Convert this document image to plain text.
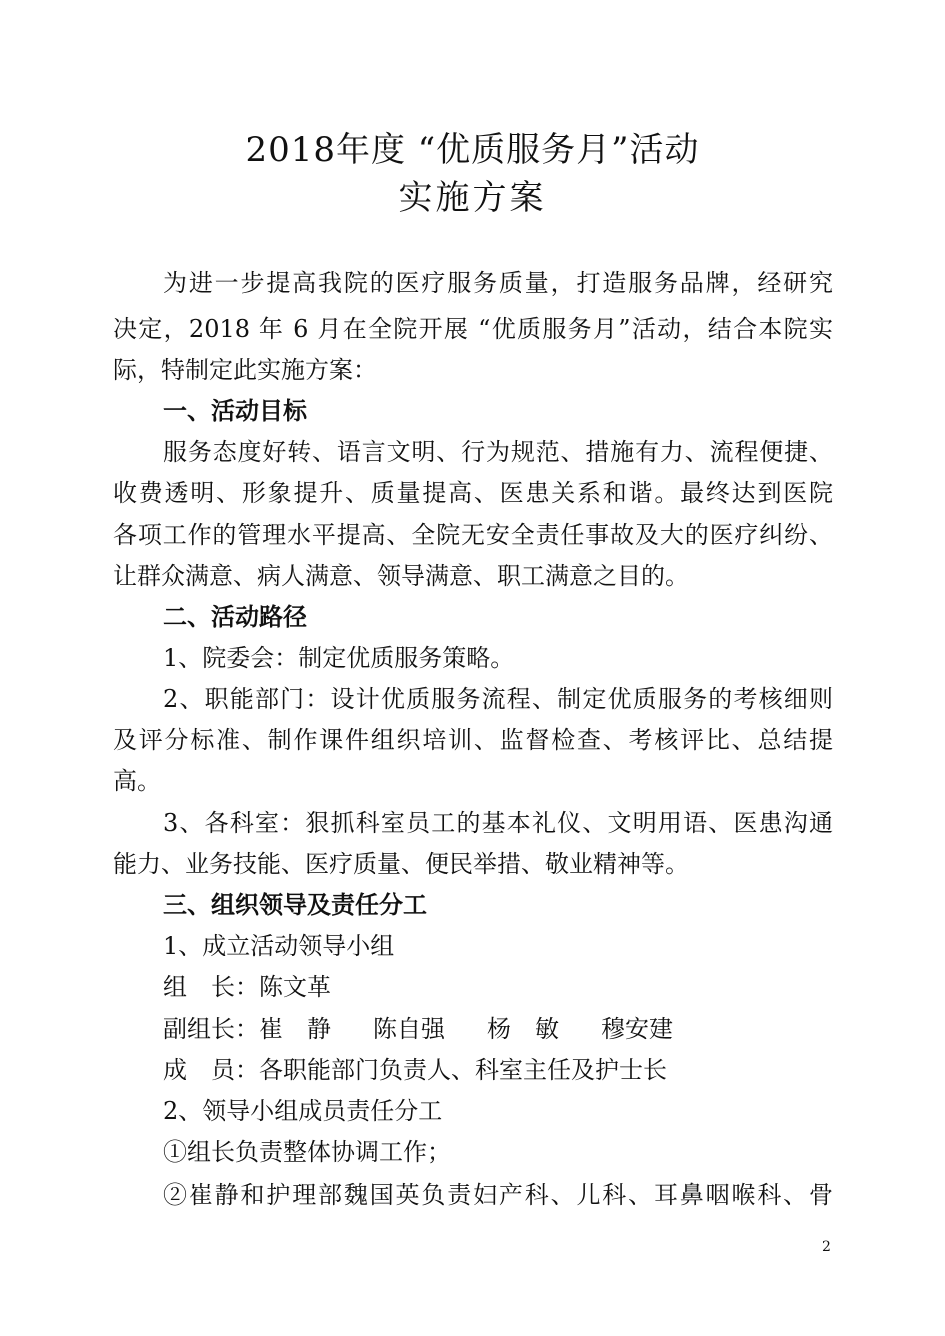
2018年度 “优质服务月”活动
实施方案
为进一步提高我院的医疗服务质量，打造服务品牌，经研究
决定，2018 年 6 月在全院开展 “优质服务月”活动，结合本院实
际，特制定此实施方案：
一、活动目标
服务态度好转、语言文明、行为规范、措施有力、流程便捷、
收费透明、形象提升、质量提高、医患关系和谐。最终达到医院
各项工作的管理水平提高、全院无安全责任事故及大的医疗纠纷、
让群众满意、病人满意、领导满意、职工满意之目的。
二、活动路径
1、院委会：制定优质服务策略。
2、职能部门：设计优质服务流程、制定优质服务的考核细则
及评分标准、制作课件组织培训、监督检查、考核评比、总结提
高。
3、各科室：狠抓科室员工的基本礼仪、文明用语、医患沟通
能力、业务技能、医疗质量、便民举措、敬业精神等。
三、组织领导及责任分工
1、成立活动领导小组
组　长：陈文革
副组长：崔　静 陈自强 杨　敏 穆安建
成　员：各职能部门负责人、科室主任及护士长
2、领导小组成员责任分工
①组长负责整体协调工作；
②崔静和护理部魏国英负责妇产科、儿科、耳鼻咽喉科、骨
2
